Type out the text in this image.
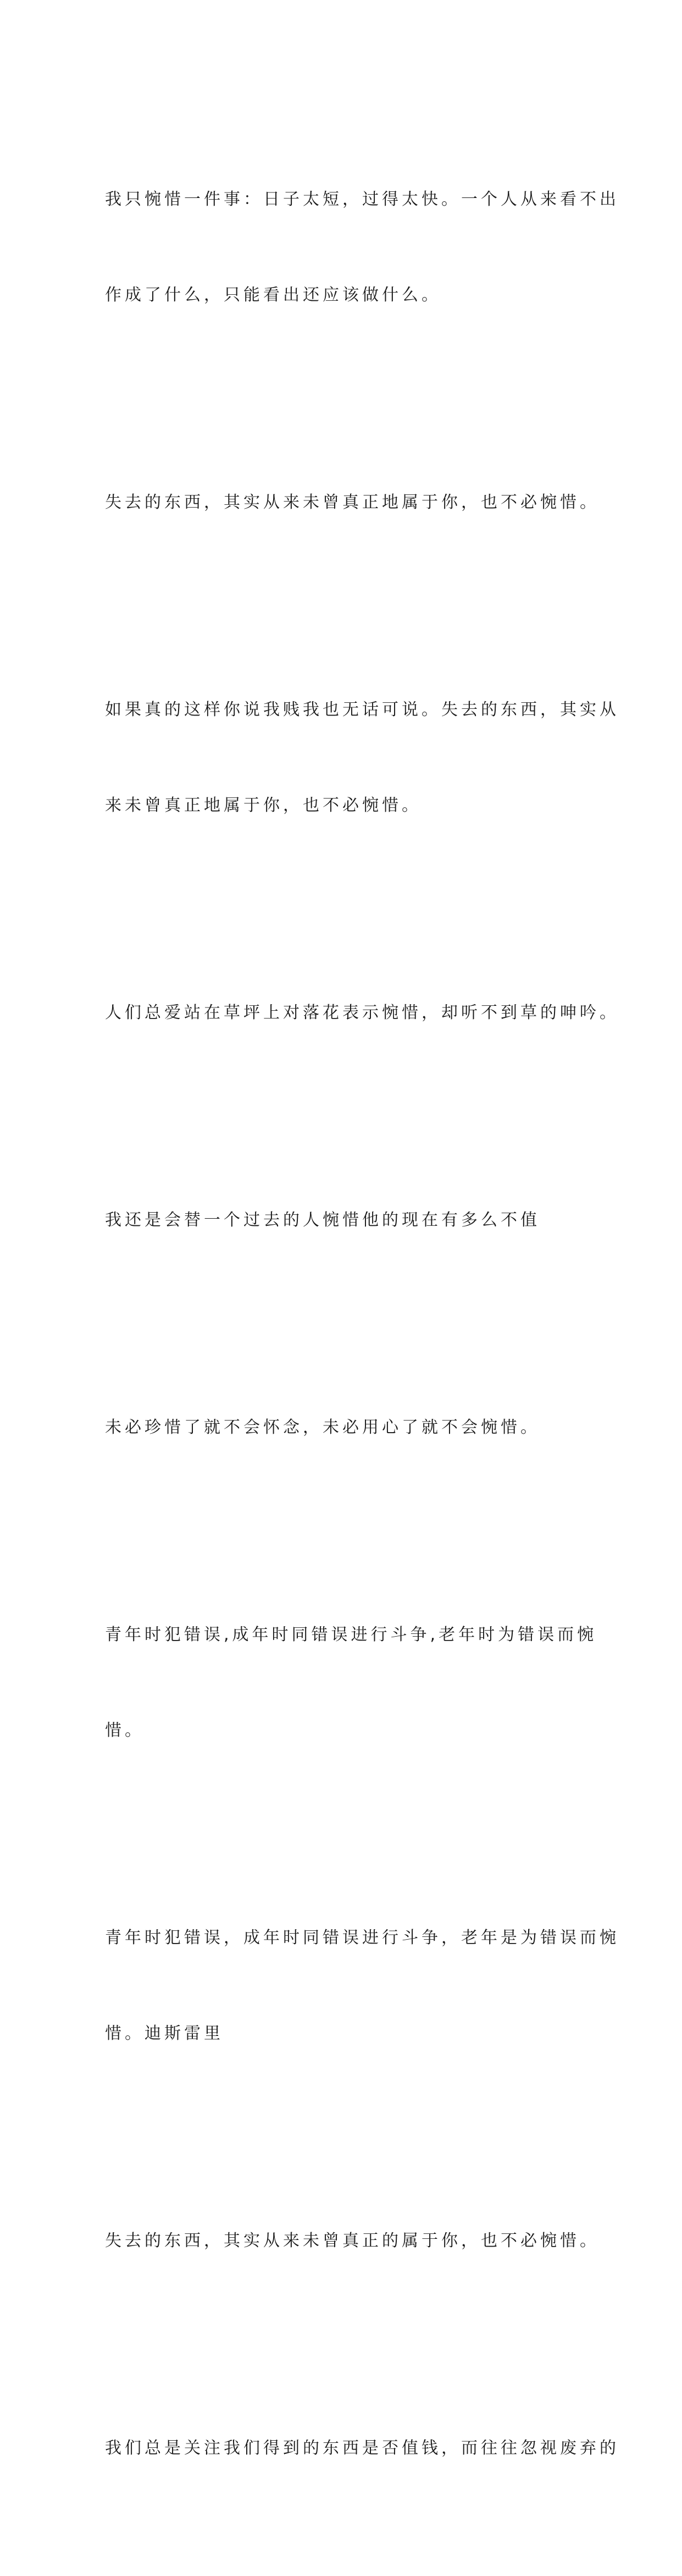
我只惋惜一件事：日子太短，过得太快。一个人从来看不出

作成了什么，只能看出还应该做什么。

失去的东西，其实从来未曾真正地属于你，也不必惋惜。

如果真的这样你说我贱我也无话可说。失去的东西，其实从

来未曾真正地属于你，也不必惋惜。

人们总爱站在草坪上对落花表示惋惜，却听不到草的呻吟。

我还是会替一个过去的人惋惜他的现在有多么不值

未必珍惜了就不会怀念，未必用心了就不会惋惜。

青年时犯错误,成年时同错误进行斗争,老年时为错误而惋

惜。

青年时犯错误，成年时同错误进行斗争，老年是为错误而惋

惜。迪斯雷里

失去的东西，其实从来未曾真正的属于你，也不必惋惜。

我们总是关注我们得到的东西是否值钱，而往往忽视废弃的
